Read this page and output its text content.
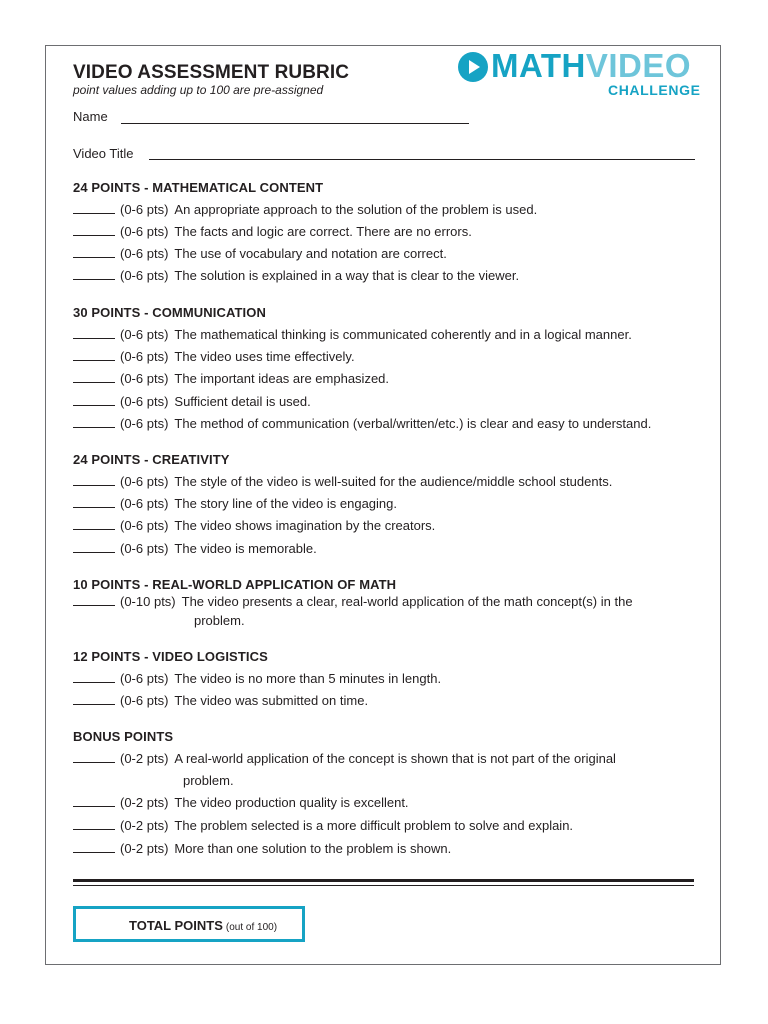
VIDEO ASSESSMENT RUBRIC
point values adding up to 100 are pre-assigned
MATHVIDEO
CHALLENGE
Name
Video Title
24 POINTS - MATHEMATICAL CONTENT
(0-6 pts) An appropriate approach to the solution of the problem is used.
(0-6 pts) The facts and logic are correct. There are no errors.
(0-6 pts) The use of vocabulary and notation are correct.
(0-6 pts) The solution is explained in a way that is clear to the viewer.
30 POINTS - COMMUNICATION
(0-6 pts) The mathematical thinking is communicated coherently and in a logical manner.
(0-6 pts) The video uses time effectively.
(0-6 pts) The important ideas are emphasized.
(0-6 pts) Sufficient detail is used.
(0-6 pts) The method of communication (verbal/written/etc.) is clear and easy to understand.
24 POINTS - CREATIVITY
(0-6 pts) The style of the video is well-suited for the audience/middle school students.
(0-6 pts) The story line of the video is engaging.
(0-6 pts) The video shows imagination by the creators.
(0-6 pts) The video is memorable.
10 POINTS - REAL-WORLD APPLICATION OF MATH
(0-10 pts) The video presents a clear, real-world application of the math concept(s) in the
problem.
12 POINTS - VIDEO LOGISTICS
(0-6 pts) The video is no more than 5 minutes in length.
(0-6 pts) The video was submitted on time.
BONUS POINTS
(0-2 pts) A real-world application of the concept is shown that is not part of the original
problem.
(0-2 pts) The video production quality is excellent.
(0-2 pts) The problem selected is a more difficult problem to solve and explain.
(0-2 pts) More than one solution to the problem is shown.
TOTAL POINTS (out of 100)
